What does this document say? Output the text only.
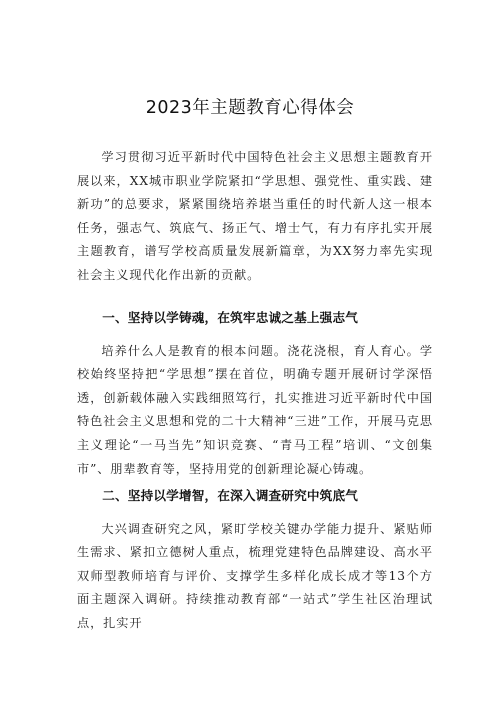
2023年主题教育心得体会

学习贯彻习近平新时代中国特色社会主义思想主题教育开展以来，XX城市职业学院紧扣“学思想、强党性、重实践、建新功”的总要求，紧紧围绕培养堪当重任的时代新人这一根本任务，强志气、筑底气、扬正气、增士气，有力有序扎实开展主题教育，谱写学校高质量发展新篇章，为XX努力率先实现社会主义现代化作出新的贡献。

一、坚持以学铸魂，在筑牢忠诚之基上强志气

培养什么人是教育的根本问题。浇花浇根，育人育心。学校始终坚持把“学思想”摆在首位，明确专题开展研讨学深悟透，创新载体融入实践细照笃行，扎实推进习近平新时代中国特色社会主义思想和党的二十大精神“三进”工作，开展马克思主义理论“一马当先”知识竞赛、“青马工程”培训、“文创集市”、朋辈教育等，坚持用党的创新理论凝心铸魂。

二、坚持以学增智，在深入调查研究中筑底气

大兴调查研究之风，紧盯学校关键办学能力提升、紧贴师生需求、紧扣立德树人重点，梳理党建特色品牌建设、高水平双师型教师培育与评价、支撑学生多样化成长成才等13个方面主题深入调研。持续推动教育部“一站式”学生社区治理试点，扎实开
